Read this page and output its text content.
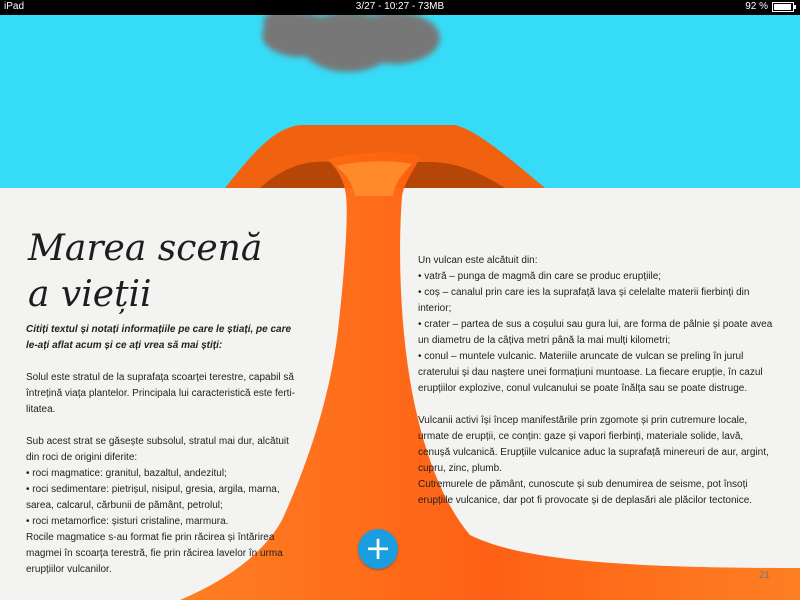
iPad	3/27 - 10:27 - 73MB	92 %
Marea scenă
a vieții

Citiți textul și notați informațiile pe care le știați, pe care le-ați aflat acum și ce ați vrea să mai știți:

Solul este stratul de la suprafața scoarței terestre, capabil să întrețină viața plantelor. Principala lui caracteristică este ferti-litatea.

Sub acest strat se găsește subsolul, stratul mai dur, alcătuit din roci de origini diferite:

• roci magmatice: granitul, bazaltul, andezitul;

• roci sedimentare: pietrișul, nisipul, gresia, argila, marna, sarea, calcarul, cărbunii de pământ, petrolul;

• roci metamorfice: șisturi cristaline, marmura.

Rocile magmatice s-au format fie prin răcirea și întărirea magmei în scoarța terestră, fie prin răcirea lavelor în urma erupțiilor vulcanilor.

Un vulcan este alcătuit din:

• vatră – punga de magmă din care se produc erupțiile;

• coș – canalul prin care ies la suprafață lava și celelalte materii fierbinți din interior;

• crater – partea de sus a coșului sau gura lui, are forma de pâlnie și poate avea un diametru de la câțiva metri până la mai mulți kilometri;

• conul – muntele vulcanic. Materiile aruncate de vulcan se preling în jurul craterului și dau naștere unei formațiuni muntoase. La fiecare erupție, în cazul erupțiilor explozive, conul vulcanului se poate înălța sau se poate distruge.

Vulcanii activi își încep manifestările prin zgomote și prin cutremure locale, urmate de erupții, ce conțin: gaze și vapori fierbinți, materiale solide, lavă, cenușă vulcanică. Erupțiile vulcanice aduc la suprafață minereuri de aur, argint, cupru, zinc, plumb.

Cutremurele de pământ, cunoscute și sub denumirea de seisme, pot însoți erupțiile vulcanice, dar pot fi provocate și de deplasări ale plăcilor tectonice.

+
21
